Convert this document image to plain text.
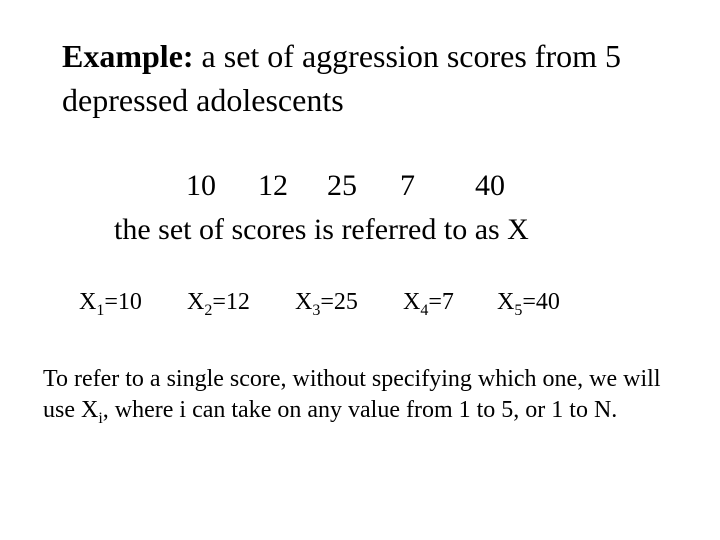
Example: a set of aggression scores from 5 depressed adolescents
10 12 25 7 40
the set of scores is referred to as X
$X_1=10$ $X_2=12$ $X_3=25$ $X_4=7$ $X_5=40$
To refer to a single score, without specifying which one, we will use $X_i$, where i can take on any value from 1 to 5, or 1 to N.
